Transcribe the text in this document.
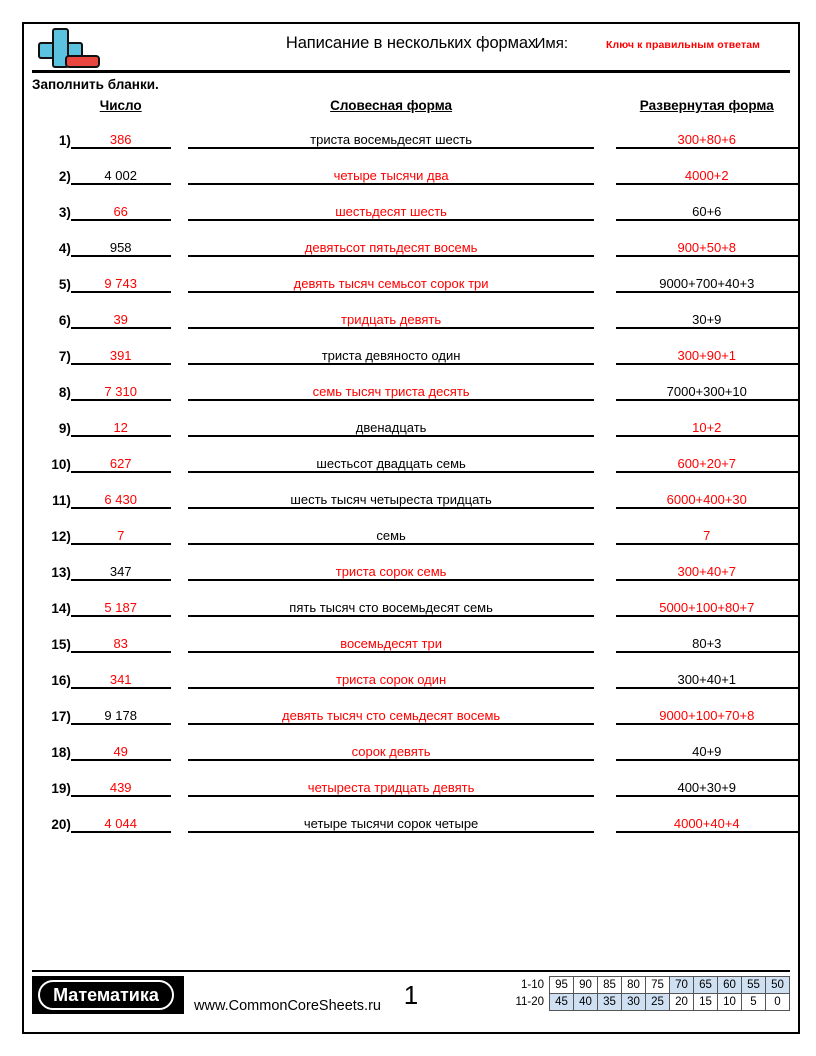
Написание в нескольких формах
Имя:	Ключ к правильным ответам
Заполнить бланки.
	Число		Словесная форма		Развернутая форма
1)	386		триста восемьдесят шесть		300+80+6
2)	4 002		четыре тысячи два		4000+2
3)	66		шестьдесят шесть		60+6
4)	958		девятьсот пятьдесят восемь		900+50+8
5)	9 743		девять тысяч семьсот сорок три		9000+700+40+3
6)	39		тридцать девять		30+9
7)	391		триста девяносто один		300+90+1
8)	7 310		семь тысяч триста десять		7000+300+10
9)	12		двенадцать		10+2
10)	627		шестьсот двадцать семь		600+20+7
11)	6 430		шесть тысяч четыреста тридцать		6000+400+30
12)	7		семь		7
13)	347		триста сорок семь		300+40+7
14)	5 187		пять тысяч сто восемьдесят семь		5000+100+80+7
15)	83		восемьдесят три		80+3
16)	341		триста сорок один		300+40+1
17)	9 178		девять тысяч сто семьдесят восемь		9000+100+70+8
18)	49		сорок девять		40+9
19)	439		четыреста тридцать девять		400+30+9
20)	4 044		четыре тысячи сорок четыре		4000+40+4
Математика
www.CommonCoreSheets.ru 1	1-10	95	90	85	80	75	70	65	60	55	50
11-20	45	40	35	30	25	20	15	10	5	0
